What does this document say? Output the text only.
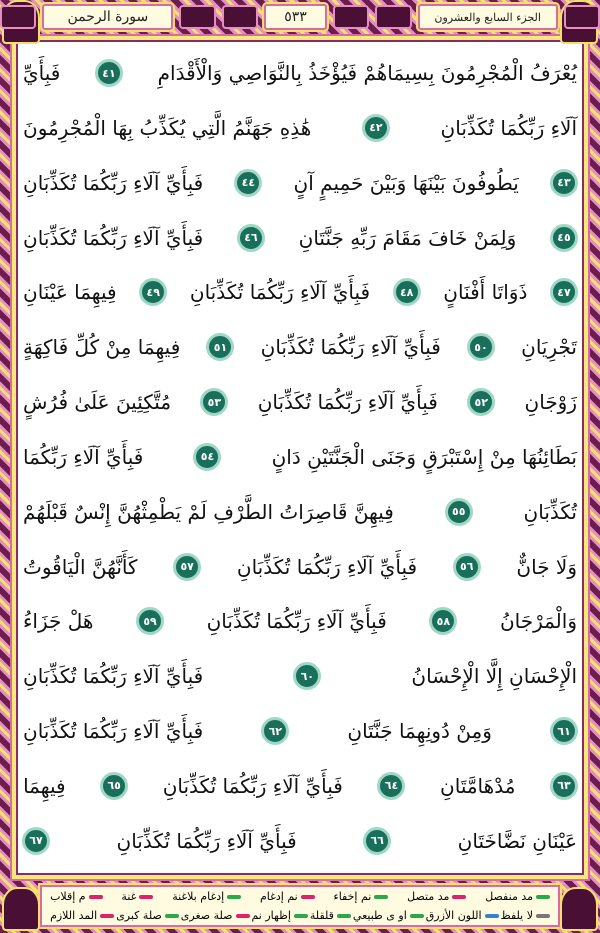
سورة الرحمن	٥٣٣	الجزء السابع والعشرون
يُعْرَفُ الْمُجْرِمُونَ بِسِيمَاهُمْ فَيُؤْخَذُ بِالنَّوَاصِي وَالْأَقْدَامِ
٤١
فَبِأَيِّ
آلَاءِ رَبِّكُمَا تُكَذِّبَانِ
٤٢
هَٰذِهِ جَهَنَّمُ الَّتِي يُكَذِّبُ بِهَا الْمُجْرِمُونَ
٤٣
يَطُوفُونَ بَيْنَهَا وَبَيْنَ حَمِيمٍ آنٍ
٤٤
فَبِأَيِّ آلَاءِ رَبِّكُمَا تُكَذِّبَانِ
٤٥
وَلِمَنْ خَافَ مَقَامَ رَبِّهِ جَنَّتَانِ
٤٦
فَبِأَيِّ آلَاءِ رَبِّكُمَا تُكَذِّبَانِ
٤٧
ذَوَاتَا أَفْنَانٍ
٤٨
فَبِأَيِّ آلَاءِ رَبِّكُمَا تُكَذِّبَانِ
٤٩
فِيهِمَا عَيْنَانِ
تَجْرِيَانِ
٥٠
فَبِأَيِّ آلَاءِ رَبِّكُمَا تُكَذِّبَانِ
٥١
فِيهِمَا مِنْ كُلِّ فَاكِهَةٍ
زَوْجَانِ
٥٢
فَبِأَيِّ آلَاءِ رَبِّكُمَا تُكَذِّبَانِ
٥٣
مُتَّكِئِينَ عَلَىٰ فُرُشٍ
بَطَائِنُهَا مِنْ إِسْتَبْرَقٍ وَجَنَى الْجَنَّتَيْنِ دَانٍ
٥٤
فَبِأَيِّ آلَاءِ رَبِّكُمَا
تُكَذِّبَانِ
٥٥
فِيهِنَّ قَاصِرَاتُ الطَّرْفِ لَمْ يَطْمِثْهُنَّ إِنْسٌ قَبْلَهُمْ
وَلَا جَانٌّ
٥٦
فَبِأَيِّ آلَاءِ رَبِّكُمَا تُكَذِّبَانِ
٥٧
كَأَنَّهُنَّ الْيَاقُوتُ
وَالْمَرْجَانُ
٥٨
فَبِأَيِّ آلَاءِ رَبِّكُمَا تُكَذِّبَانِ
٥٩
هَلْ جَزَاءُ
الْإِحْسَانِ إِلَّا الْإِحْسَانُ
٦٠
فَبِأَيِّ آلَاءِ رَبِّكُمَا تُكَذِّبَانِ
٦١
وَمِنْ دُونِهِمَا جَنَّتَانِ
٦٢
فَبِأَيِّ آلَاءِ رَبِّكُمَا تُكَذِّبَانِ
٦٣
مُدْهَامَّتَانِ
٦٤
فَبِأَيِّ آلَاءِ رَبِّكُمَا تُكَذِّبَانِ
٦٥
فِيهِمَا
عَيْنَانِ نَضَّاخَتَانِ
٦٦
فَبِأَيِّ آلَاءِ رَبِّكُمَا تُكَذِّبَانِ
٦٧
مد منفصل
مد متصل
نم إخفاء
نم إدغام
إدغام بلاغنة
غنة
م إقلاب
لا يلفظ
اللون الأزرق
او ى طبيعي
قلقلة
إظهار نم
صلة صغرى
صلة كبرى
المد اللازم
